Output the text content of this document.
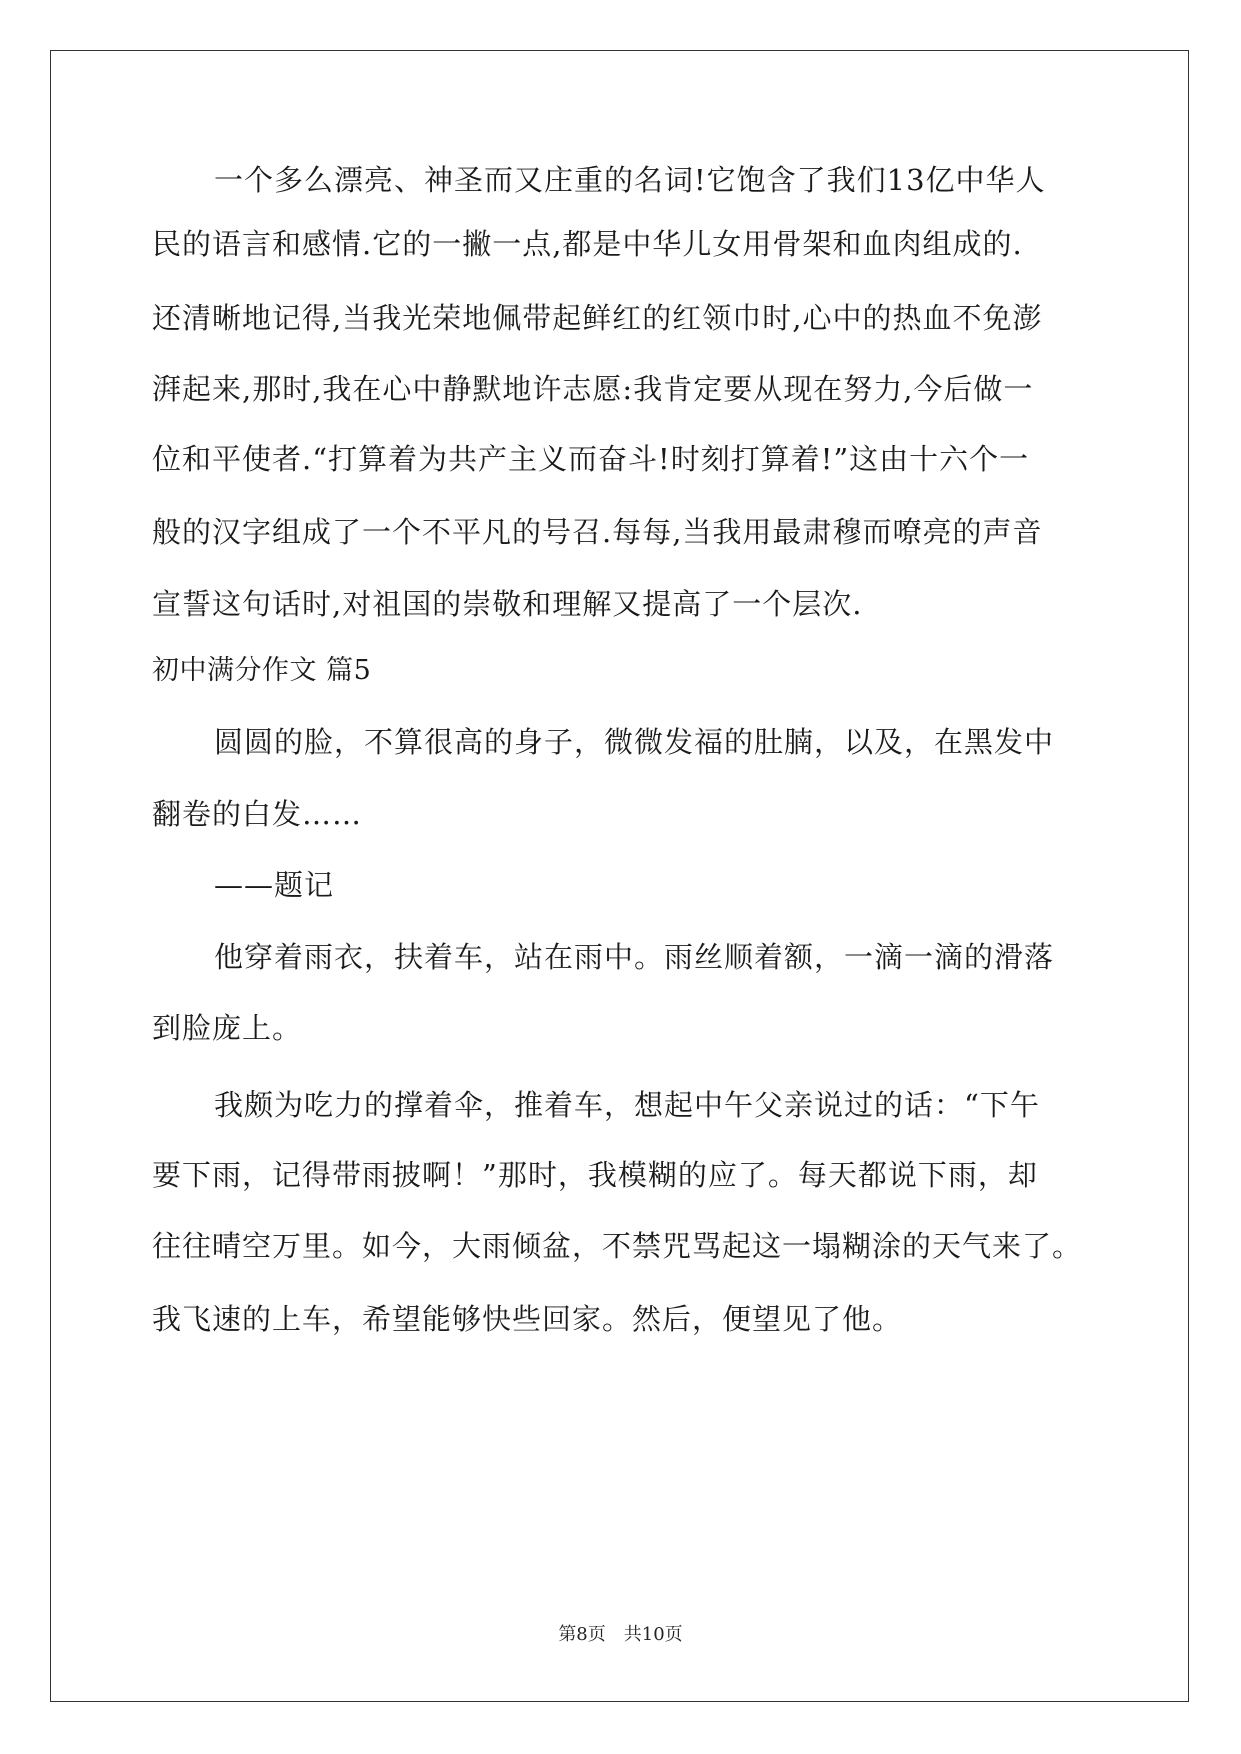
一个多么漂亮、神圣而又庄重的名词!它饱含了我们13亿中华人
民的语言和感情.它的一撇一点,都是中华儿女用骨架和血肉组成的.
还清晰地记得,当我光荣地佩带起鲜红的红领巾时,心中的热血不免澎
湃起来,那时,我在心中静默地许志愿:我肯定要从现在努力,今后做一
位和平使者.“打算着为共产主义而奋斗!时刻打算着!”这由十六个一
般的汉字组成了一个不平凡的号召.每每,当我用最肃穆而嘹亮的声音
宣誓这句话时,对祖国的崇敬和理解又提高了一个层次.
初中满分作文 篇5
圆圆的脸，不算很高的身子，微微发福的肚腩，以及，在黑发中
翻卷的白发……
——题记
他穿着雨衣，扶着车，站在雨中。雨丝顺着额，一滴一滴的滑落
到脸庞上。
我颇为吃力的撑着伞，推着车，想起中午父亲说过的话：“下午
要下雨，记得带雨披啊！”那时，我模糊的应了。每天都说下雨，却
往往晴空万里。如今，大雨倾盆，不禁咒骂起这一塌糊涂的天气来了。
我飞速的上车，希望能够快些回家。然后，便望见了他。
第8页　共10页
